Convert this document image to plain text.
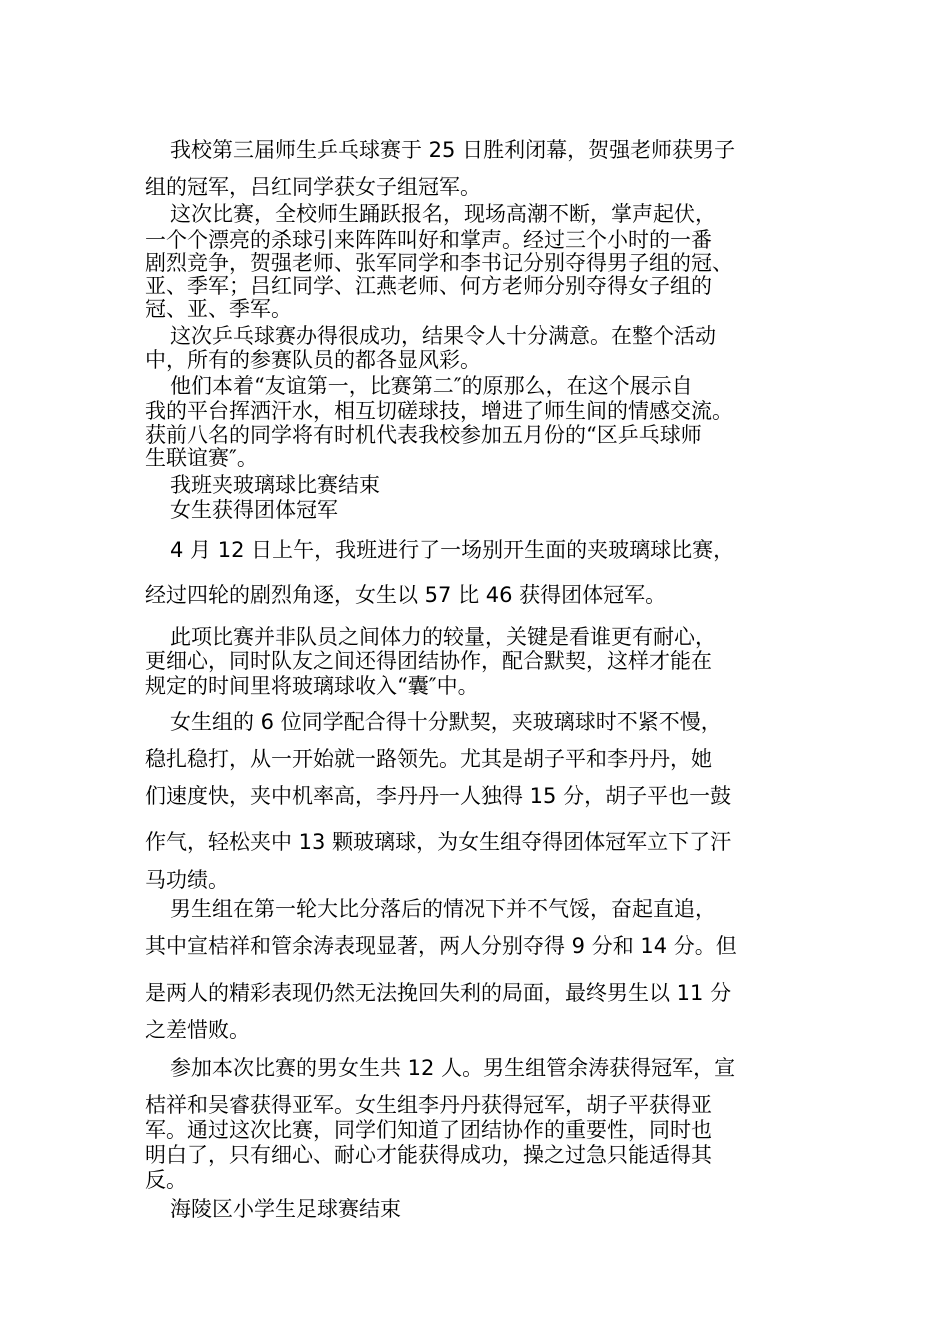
我校第三届师生乒乓球赛于 25 日胜利闭幕，贺强老师获男子
组的冠军，吕红同学获女子组冠军。
这次比赛，全校师生踊跃报名，现场高潮不断，掌声起伏，
一个个漂亮的杀球引来阵阵叫好和掌声。经过三个小时的一番
剧烈竞争，贺强老师、张军同学和李书记分别夺得男子组的冠、
亚、季军；吕红同学、江燕老师、何方老师分别夺得女子组的
冠、亚、季军。
这次乒乓球赛办得很成功，结果令人十分满意。在整个活动
中，所有的参赛队员的都各显风彩。
他们本着“友谊第一，比赛第二″的原那么，在这个展示自
我的平台挥洒汗水，相互切磋球技，增进了师生间的情感交流。
获前八名的同学将有时机代表我校参加五月份的“区乒乓球师
生联谊赛″。
我班夹玻璃球比赛结束
女生获得团体冠军
4 月 12 日上午，我班进行了一场别开生面的夹玻璃球比赛，
经过四轮的剧烈角逐，女生以 57 比 46 获得团体冠军。
此项比赛并非队员之间体力的较量，关键是看谁更有耐心，
更细心，同时队友之间还得团结协作，配合默契，这样才能在
规定的时间里将玻璃球收入“囊″中。
女生组的 6 位同学配合得十分默契，夹玻璃球时不紧不慢，
稳扎稳打，从一开始就一路领先。尤其是胡子平和李丹丹，她
们速度快，夹中机率高，李丹丹一人独得 15 分，胡子平也一鼓
作气，轻松夹中 13 颗玻璃球，为女生组夺得团体冠军立下了汗
马功绩。
男生组在第一轮大比分落后的情况下并不气馁，奋起直追，
其中宣桔祥和管余涛表现显著，两人分别夺得 9 分和 14 分。但
是两人的精彩表现仍然无法挽回失利的局面，最终男生以 11 分
之差惜败。
参加本次比赛的男女生共 12 人。男生组管余涛获得冠军，宣
桔祥和吴睿获得亚军。女生组李丹丹获得冠军，胡子平获得亚
军。通过这次比赛，同学们知道了团结协作的重要性，同时也
明白了，只有细心、耐心才能获得成功，操之过急只能适得其
反。
海陵区小学生足球赛结束
